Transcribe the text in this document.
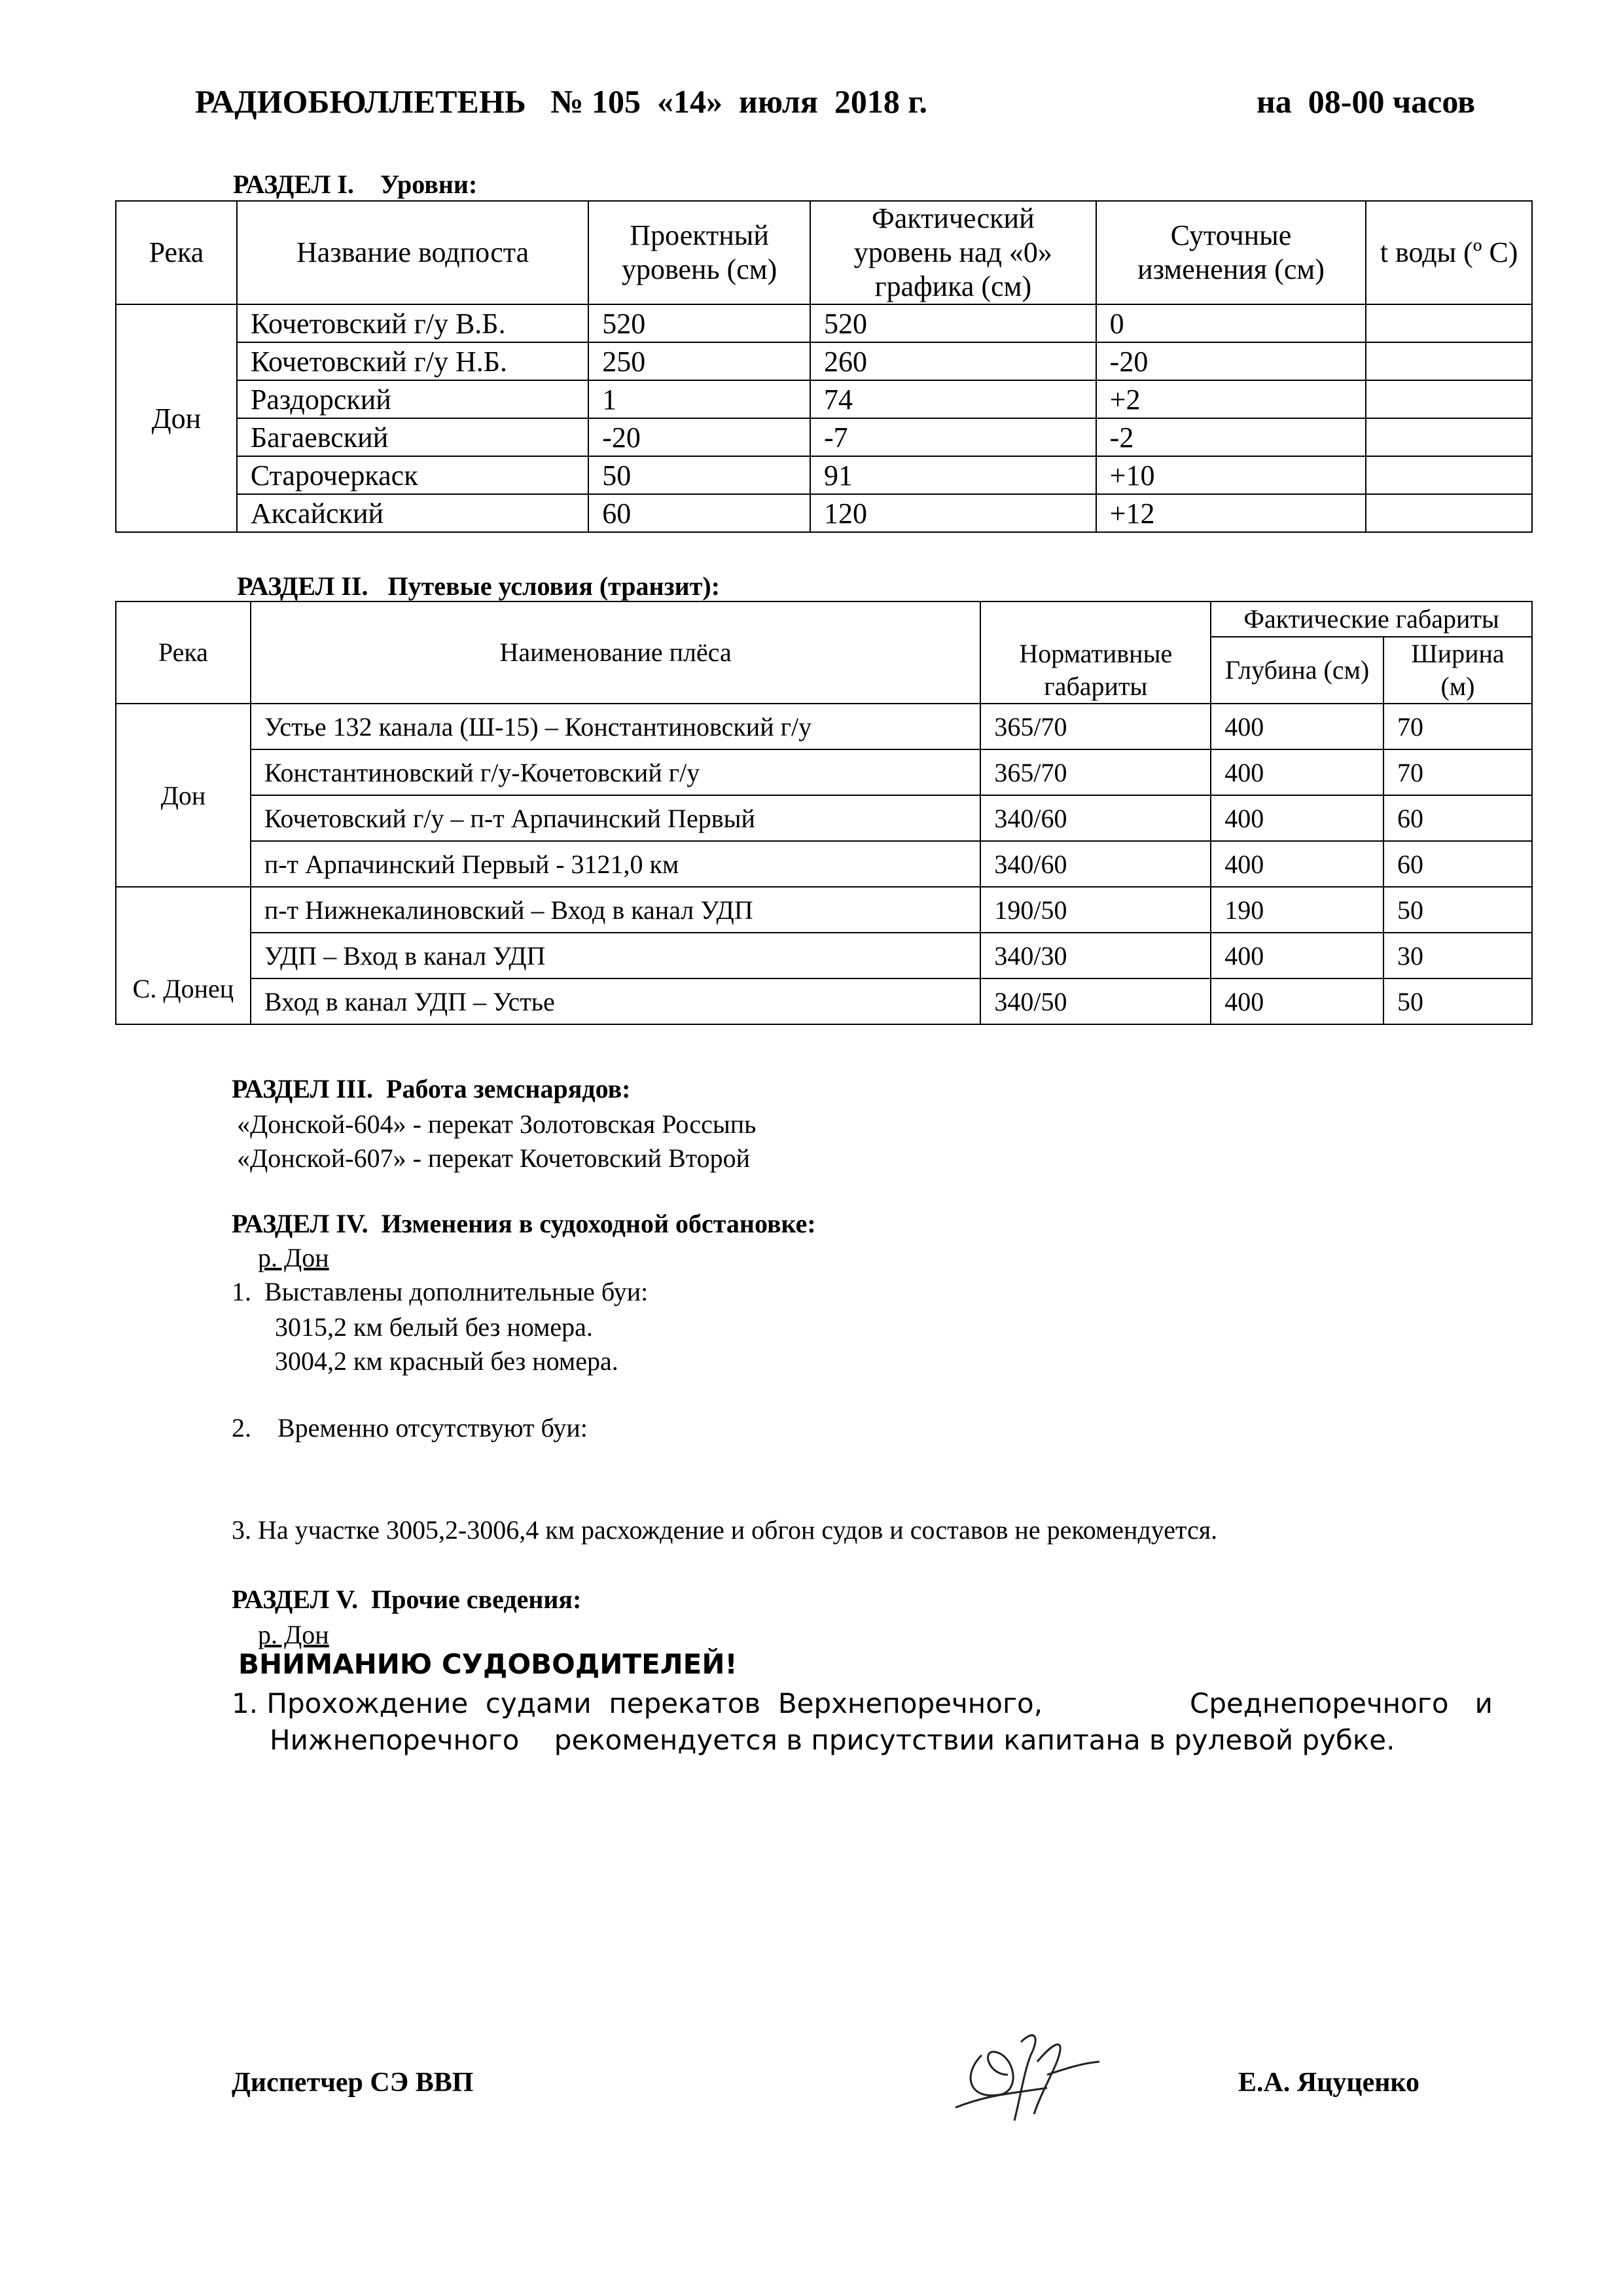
РАДИОБЮЛЛЕТЕНЬ   № 105  «14»  июля  2018 г.	на  08-00 часов
РАЗДЕЛ I.    Уровни:
Река	Название водпоста	Проектный уровень (см)	Фактический уровень над «0» графика (см)	Суточные изменения (см)	t воды (º C)
Дон	Кочетовский г/у В.Б.	520	520	0	
	Кочетовский г/у Н.Б.	250	260	-20	
	Раздорский	1	74	+2	
	Багаевский	-20	-7	-2	
	Старочеркаск	50	91	+10	
	Аксайский	60	120	+12	
РАЗДЕЛ II.   Путевые условия (транзит):
Река	Наименование плёса	Нормативные габариты	Фактические габариты	
			Глубина (см)	Ширина (м)
Дон	Устье 132 канала (Ш-15) – Константиновский г/у	365/70	400	70
	Константиновский г/у-Кочетовский г/у	365/70	400	70
	Кочетовский г/у – п-т Арпачинский Первый	340/60	400	60
	п-т Арпачинский Первый - 3121,0 км	340/60	400	60
С. Донец	п-т Нижнекалиновский – Вход в канал УДП	190/50	190	50
	УДП – Вход в канал УДП	340/30	400	30
	Вход в канал УДП – Устье	340/50	400	50
РАЗДЕЛ III.  Работа земснарядов:
«Донской-604» - перекат Золотовская Россыпь
«Донской-607» - перекат Кочетовский Второй
РАЗДЕЛ IV.  Изменения в судоходной обстановке:
р. Дон
1.  Выставлены дополнительные буи:
3015,2 км белый без номера.
3004,2 км красный без номера.
2.    Временно отсутствуют буи:
3. На участке 3005,2-3006,4 км расхождение и обгон судов и составов не рекомендуется.
РАЗДЕЛ V.  Прочие сведения:
р. Дон
ВНИМАНИЮ СУДОВОДИТЕЛЕЙ!
1. Прохождение  судами  перекатов  Верхнепоречного,	Среднепоречного   и
Нижнепоречного    рекомендуется в присутствии капитана в рулевой рубке.
Диспетчер СЭ ВВП	Е.А. Яцуценко
